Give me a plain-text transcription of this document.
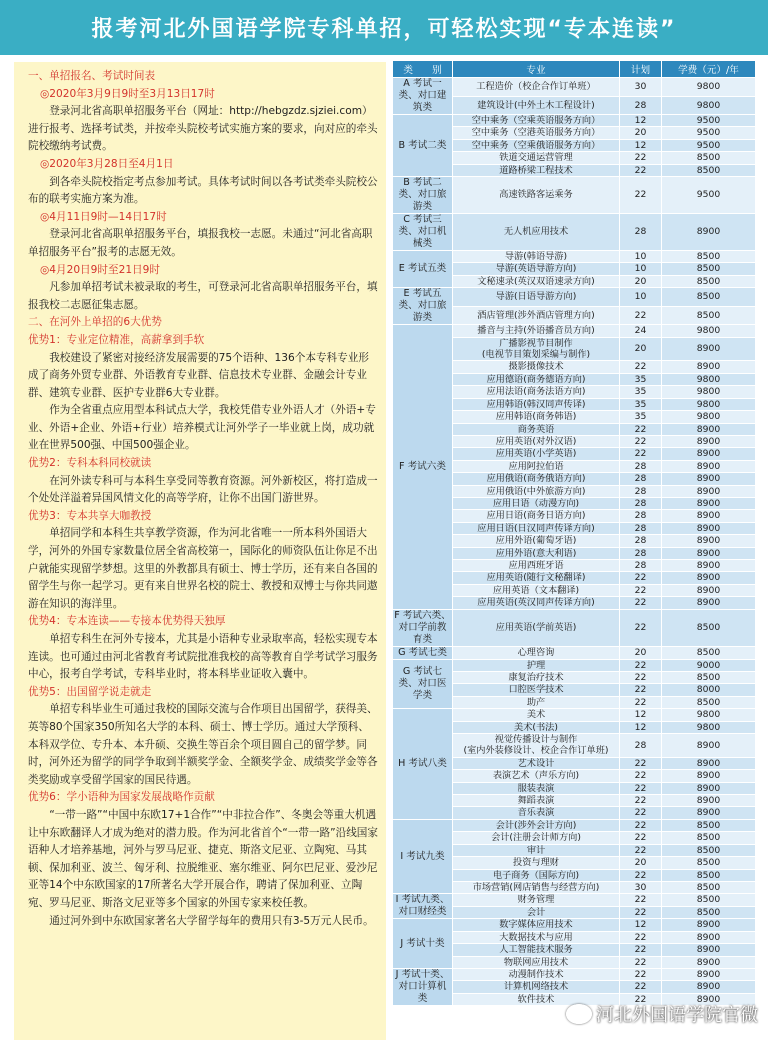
报考河北外国语学院专科单招，可轻松实现“专本连读”

一、单招报名、考试时间表

◎2020年3月9日9时至3月13日17时

登录河北省高职单招服务平台（网址：http://hebgzdz.sjziei.com）进行报考、选择考试类，并按牵头院校考试实施方案的要求，向对应的牵头院校缴纳考试费。

◎2020年3月28日至4月1日

到各牵头院校指定考点参加考试。具体考试时间以各考试类牵头院校公布的联考实施方案为准。

◎4月11日9时—14日17时

登录河北省高职单招服务平台，填报我校一志愿。未通过“河北省高职单招服务平台”报考的志愿无效。

◎4月20日9时至21日9时

凡参加单招考试未被录取的考生，可登录河北省高职单招服务平台，填报我校二志愿征集志愿。

二、在河外上单招的6大优势

优势1：专业定位精准，高薪拿到手软

我校建设了紧密对接经济发展需要的75个语种、136个本专科专业形成了商务外贸专业群、外语教育专业群、信息技术专业群、金融会计专业群、建筑专业群、医护专业群6大专业群。

作为全省重点应用型本科试点大学，我校凭借专业外语人才（外语+专业、外语+企业、外语+行业）培养模式让河外学子一毕业就上岗，成功就业在世界500强、中国500强企业。

优势2：专科本科同校就读

在河外读专科可与本科生享受同等教育资源。河外新校区，将打造成一个处处洋溢着异国风情文化的高等学府，让你不出国门游世界。

优势3：专本共享大咖教授

单招同学和本科生共享教学资源，作为河北省唯一一所本科外国语大学，河外的外国专家数量位居全省高校第一，国际化的师资队伍让你足不出户就能实现留学梦想。这里的外教都具有硕士、博士学历，还有来自各国的留学生与你一起学习。更有来自世界名校的院士、教授和双博士与你共同遨游在知识的海洋里。

优势4：专本连读——专接本优势得天独厚

单招专科生在河外专接本，尤其是小语种专业录取率高，轻松实现专本连读。也可通过由河北省教育考试院批准我校的高等教育自学考试学习服务中心，报考自学考试，专科毕业时，将本科毕业证收入囊中。

优势5：出国留学说走就走

单招专科毕业生可通过我校的国际交流与合作项目出国留学，获得美、英等80个国家350所知名大学的本科、硕士、博士学历。通过大学预科、本科双学位、专升本、本升硕、交换生等百余个项目圆自己的留学梦。同时，河外还为留学的同学争取到半额奖学金、全额奖学金、成绩奖学金等各类奖励或享受留学国家的国民待遇。

优势6：学小语种为国家发展战略作贡献

“一带一路”“中国中东欧17+1合作”“中非拉合作”、冬奥会等重大机遇让中东欧翻译人才成为绝对的潜力股。作为河北省首个“一带一路”沿线国家语种人才培养基地，河外与罗马尼亚、捷克、斯洛文尼亚、立陶宛、马其顿、保加利亚、波兰、匈牙利、拉脱维亚、塞尔维亚、阿尔巴尼亚、爱沙尼亚等14个中东欧国家的17所著名大学开展合作，聘请了保加利亚、立陶宛、罗马尼亚、斯洛文尼亚等多个国家的外国专家来校任教。

通过河外到中东欧国家著名大学留学每年的费用只有3-5万元人民币。

类　　别	专业	计划	学费（元）/年
A 考试一类、对口建筑类	工程造价（校企合作订单班）	30	9800
	建筑设计(中外土木工程设计)	28	9800
B 考试二类	空中乘务（空乘英语服务方向）	12	9500
	空中乘务（空港英语服务方向）	20	9500
	空中乘务（空乘俄语服务方向）	12	9500
	铁道交通运营管理	22	8500
	道路桥梁工程技术	22	8500
B 考试二类、对口旅游类	高速铁路客运乘务	22	9500
C 考试三类、对口机械类	无人机应用技术	28	8900
E 考试五类	导游(韩语导游)	10	8500
	导游(英语导游方向)	10	8500
	文秘速录(英汉双语速录方向)	20	8500
E 考试五类、对口旅游类	导游(日语导游方向)	10	8500
	酒店管理(涉外酒店管理方向)	22	8500
F 考试六类	播音与主持(外语播音员方向)	24	9800
	广播影视节目制作
(电视节目策划采编与制作)	20	8900
	摄影摄像技术	22	8900
	应用德语(商务德语方向)	35	9800
	应用法语(商务法语方向)	35	9800
	应用韩语(韩汉同声传译)	35	9800
	应用韩语(商务韩语)	35	9800
	商务英语	22	8900
	应用英语(对外汉语)	22	8900
	应用英语(小学英语)	22	8900
	应用阿拉伯语	28	8900
	应用俄语(商务俄语方向)	28	8900
	应用俄语(中外旅游方向)	28	8900
	应用日语（动漫方向)	28	8900
	应用日语(商务日语方向)	28	8900
	应用日语(日汉同声传译方向)	28	8900
	应用外语(葡萄牙语)	28	8900
	应用外语(意大利语)	28	8900
	应用西班牙语	28	8900
	应用英语(随行文秘翻译)	22	8900
	应用英语（文本翻译)	22	8900
	应用英语(英汉同声传译方向)	22	8900
F 考试六类、对口学前教育类	应用英语(学前英语)	22	8500
G 考试七类	心理咨询	20	8500
G 考试七类、对口医学类	护理	22	9000
	康复治疗技术	22	8500
	口腔医学技术	22	8000
	助产	22	8500
H 考试八类	美术	12	9800
	美术(书法)	12	9800
	视觉传播设计与制作
(室内外装修设计、校企合作订单班)	28	8900
	艺术设计	22	8900
	表演艺术（声乐方向)	22	8900
	服装表演	22	8900
	舞蹈表演	22	8900
	音乐表演	22	8900
I 考试九类	会计(涉外会计方向)	22	8500
	会计(注册会计师方向)	22	8500
	审计	22	8500
	投资与理财	20	8500
	电子商务（国际方向)	22	8500
	市场营销(网店销售与经营方向)	30	8500
I 考试九类、对口财经类	财务管理	22	8500
	会计	22	8500
J 考试十类	数字媒体应用技术	12	8900
	大数据技术与应用	22	8900
	人工智能技术服务	22	8900
	物联网应用技术	22	8900
J 考试十类、对口计算机类	动漫制作技术	22	8900
	计算机网络技术	22	8900
	软件技术	22	8900
河北外国语学院官微
